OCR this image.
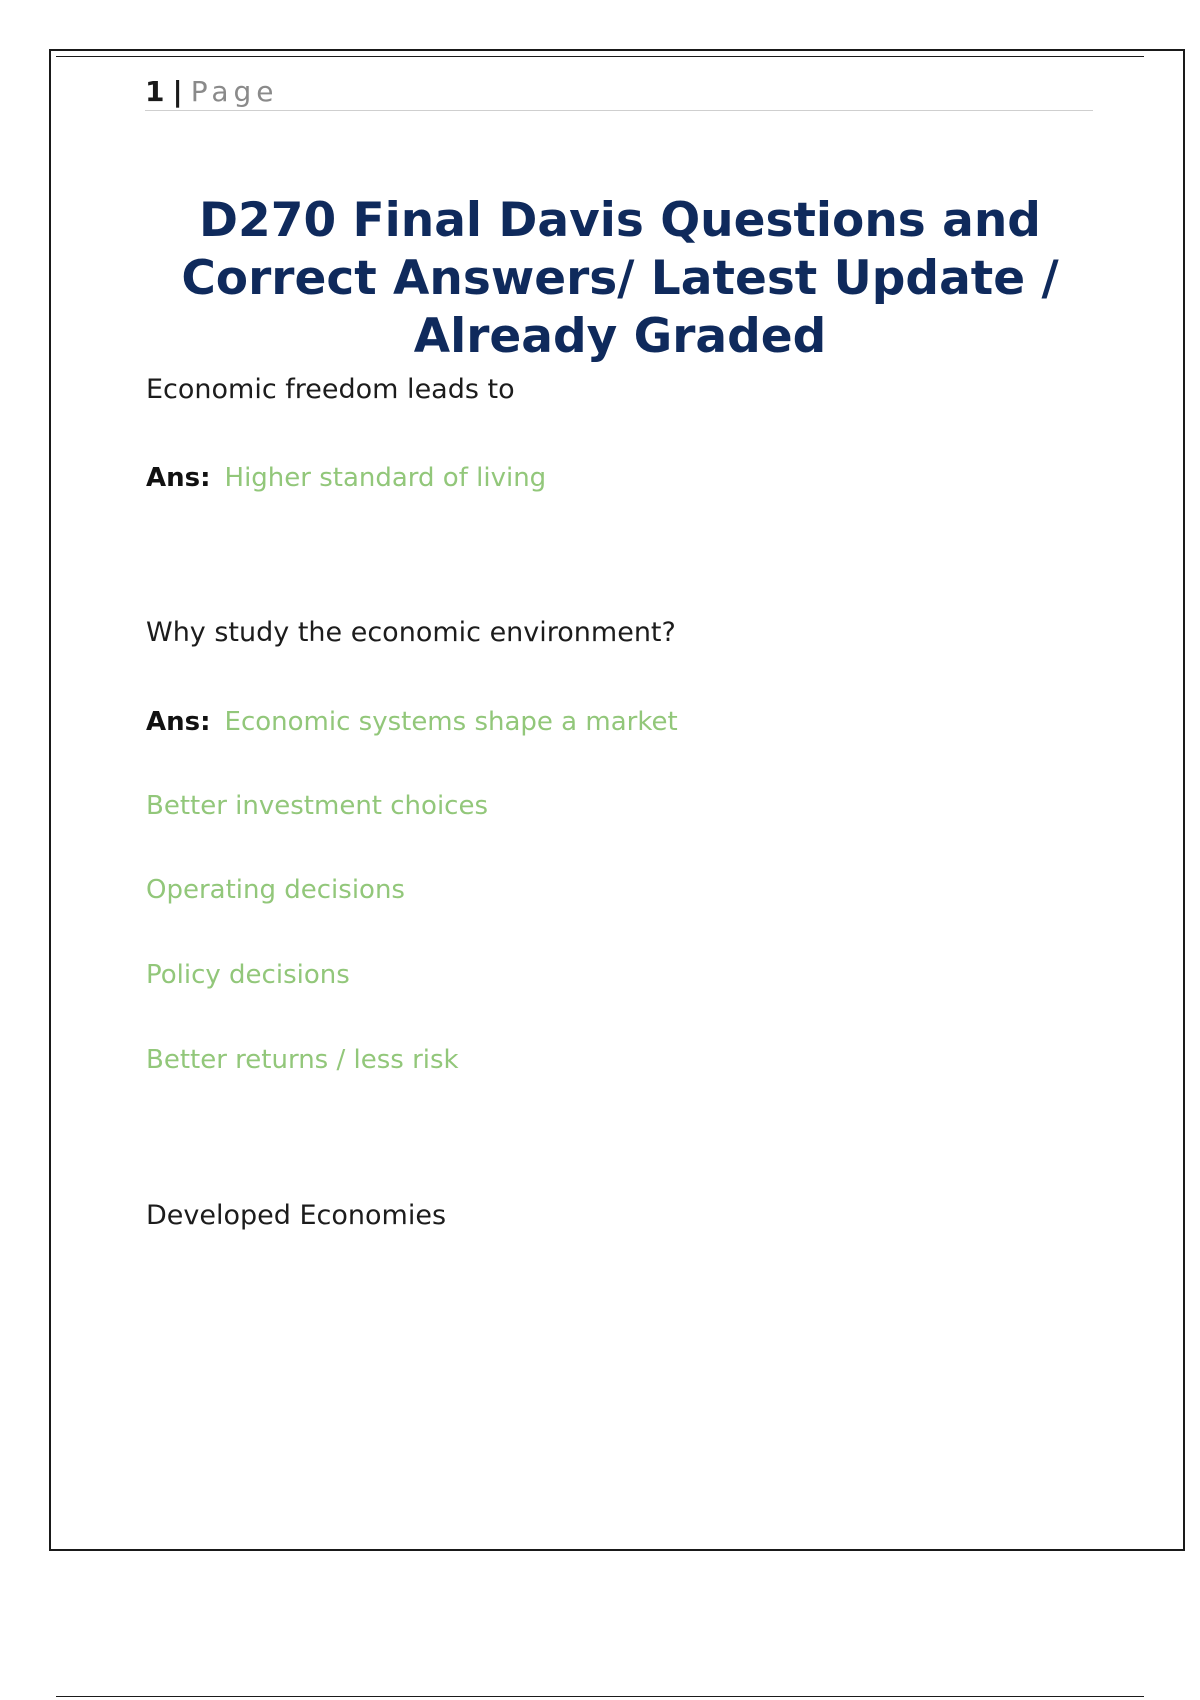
1 | Page
D270 Final Davis Questions and Correct Answers/ Latest Update / Already Graded

Economic freedom leads to

Ans: Higher standard of living

Why study the economic environment?

Ans: Economic systems shape a market

Better investment choices

Operating decisions

Policy decisions

Better returns / less risk

Developed Economies
